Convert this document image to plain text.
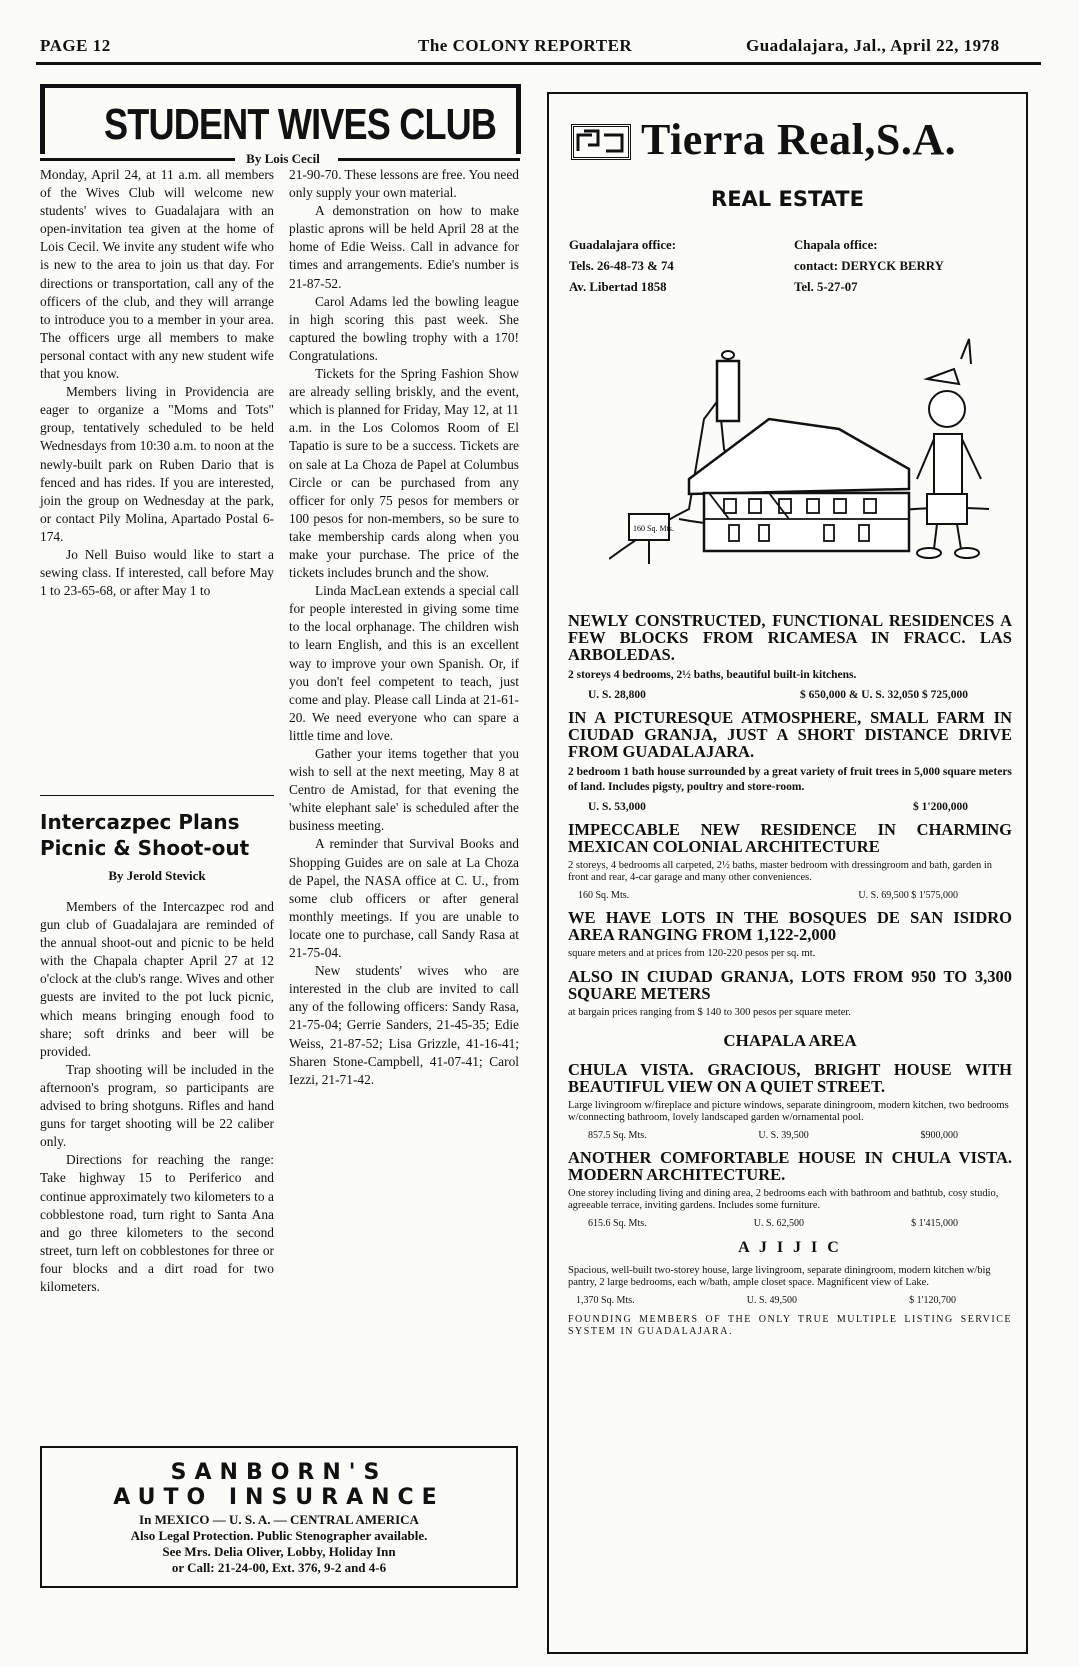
PAGE 12	The COLONY REPORTER	Guadalajara, Jal., April 22, 1978
STUDENT WIVES CLUB
By Lois Cecil

Monday, April 24, at 11 a.m. all members of the Wives Club will welcome new students' wives to Guadalajara with an open-invitation tea given at the home of Lois Cecil. We invite any student wife who is new to the area to join us that day. For directions or transportation, call any of the officers of the club, and they will arrange to introduce you to a member in your area. The officers urge all members to make personal contact with any new student wife that you know.

Members living in Providencia are eager to organize a "Moms and Tots" group, tentatively scheduled to be held Wednesdays from 10:30 a.m. to noon at the newly-built park on Ruben Dario that is fenced and has rides. If you are interested, join the group on Wednesday at the park, or contact Pily Molina, Apartado Postal 6-174.

Jo Nell Buiso would like to start a sewing class. If interested, call before May 1 to 23-65-68, or after May 1 to

21-90-70. These lessons are free. You need only supply your own material.

A demonstration on how to make plastic aprons will be held April 28 at the home of Edie Weiss. Call in advance for times and arrangements. Edie's number is 21-87-52.

Carol Adams led the bowling league in high scoring this past week. She captured the bowling trophy with a 170! Congratulations.

Tickets for the Spring Fashion Show are already selling briskly, and the event, which is planned for Friday, May 12, at 11 a.m. in the Los Colomos Room of El Tapatio is sure to be a success. Tickets are on sale at La Choza de Papel at Columbus Circle or can be purchased from any officer for only 75 pesos for members or 100 pesos for non-members, so be sure to take membership cards along when you make your purchase. The price of the tickets includes brunch and the show.

Linda MacLean extends a special call for people interested in giving some time to the local orphanage. The children wish to learn English, and this is an excellent way to improve your own Spanish. Or, if you don't feel competent to teach, just come and play. Please call Linda at 21-61-20. We need everyone who can spare a little time and love.

Gather your items together that you wish to sell at the next meeting, May 8 at Centro de Amistad, for that evening the 'white elephant sale' is scheduled after the business meeting.

A reminder that Survival Books and Shopping Guides are on sale at La Choza de Papel, the NASA office at C. U., from some club officers or after general monthly meetings. If you are unable to locate one to purchase, call Sandy Rasa at 21-75-04.

New students' wives who are interested in the club are invited to call any of the following officers: Sandy Rasa, 21-75-04; Gerrie Sanders, 21-45-35; Edie Weiss, 21-87-52; Lisa Grizzle, 41-16-41; Sharen Stone-Campbell, 41-07-41; Carol Iezzi, 21-71-42.

Intercazpec Plans
Picnic & Shoot-out
By Jerold Stevick

Members of the Intercazpec rod and gun club of Guadalajara are reminded of the annual shoot-out and picnic to be held with the Chapala chapter April 27 at 12 o'clock at the club's range. Wives and other guests are invited to the pot luck picnic, which means bringing enough food to share; soft drinks and beer will be provided.

Trap shooting will be included in the afternoon's program, so participants are advised to bring shotguns. Rifles and hand guns for target shooting will be 22 caliber only.

Directions for reaching the range: Take highway 15 to Periferico and continue approximately two kilometers to a cobblestone road, turn right to Santa Ana and go three kilometers to the second street, turn left on cobblestones for three or four blocks and a dirt road for two kilometers.

SANBORN'S
AUTO INSURANCE
In MEXICO — U. S. A. — CENTRAL AMERICA
Also Legal Protection. Public Stenographer available.
See Mrs. Delia Oliver, Lobby, Holiday Inn
or Call: 21-24-00, Ext. 376, 9-2 and 4-6
Tierra Real,S.A.
REAL ESTATE
Guadalajara office:
Tels. 26-48-73 & 74
Av. Libertad 1858
Chapala office:
contact: DERYCK BERRY
Tel. 5-27-07
160 Sq. Mts.
NEWLY CONSTRUCTED, FUNCTIONAL RESIDENCES A FEW BLOCKS FROM RICAMESA IN FRACC. LAS ARBOLEDAS.
2 storeys 4 bedrooms, 2½ baths, beautiful built-in kitchens.
U. S. 28,800	$ 650,000 & U. S. 32,050 $ 725,000
IN A PICTURESQUE ATMOSPHERE, SMALL FARM IN CIUDAD GRANJA, JUST A SHORT DISTANCE DRIVE FROM GUADALAJARA.
2 bedroom 1 bath house surrounded by a great variety of fruit trees in 5,000 square meters of land. Includes pigsty, poultry and store-room.
U. S. 53,000	$ 1'200,000
IMPECCABLE NEW RESIDENCE IN CHARMING MEXICAN COLONIAL ARCHITECTURE
2 storeys, 4 bedrooms all carpeted, 2½ baths, master bedroom with dressingroom and bath, garden in front and rear, 4-car garage and many other conveniences.
160 Sq. Mts.	U. S. 69,500 $ 1'575,000
WE HAVE LOTS IN THE BOSQUES DE SAN ISIDRO AREA RANGING FROM 1,122-2,000
square meters and at prices from 120-220 pesos per sq. mt.
ALSO IN CIUDAD GRANJA, LOTS FROM 950 TO 3,300 SQUARE METERS
at bargain prices ranging from $ 140 to 300 pesos per square meter.
CHAPALA AREA
CHULA VISTA. GRACIOUS, BRIGHT HOUSE WITH BEAUTIFUL VIEW ON A QUIET STREET.
Large livingroom w/fireplace and picture windows, separate diningroom, modern kitchen, two bedrooms w/connecting bathroom, lovely landscaped garden w/ornamental pool.
857.5 Sq. Mts.	U. S. 39,500	$900,000
ANOTHER COMFORTABLE HOUSE IN CHULA VISTA. MODERN ARCHITECTURE.
One storey including living and dining area, 2 bedrooms each with bathroom and bathtub, cosy studio, agreeable terrace, inviting gardens. Includes some furniture.
615.6 Sq. Mts.	U. S. 62,500	$ 1'415,000
A J I J I C
Spacious, well-built two-storey house, large livingroom, separate diningroom, modern kitchen w/big pantry, 2 large bedrooms, each w/bath, ample closet space. Magnificent view of Lake.
1,370 Sq. Mts.	U. S. 49,500	$ 1'120,700
FOUNDING MEMBERS OF THE ONLY TRUE MULTIPLE LISTING SERVICE SYSTEM IN GUADALAJARA.
